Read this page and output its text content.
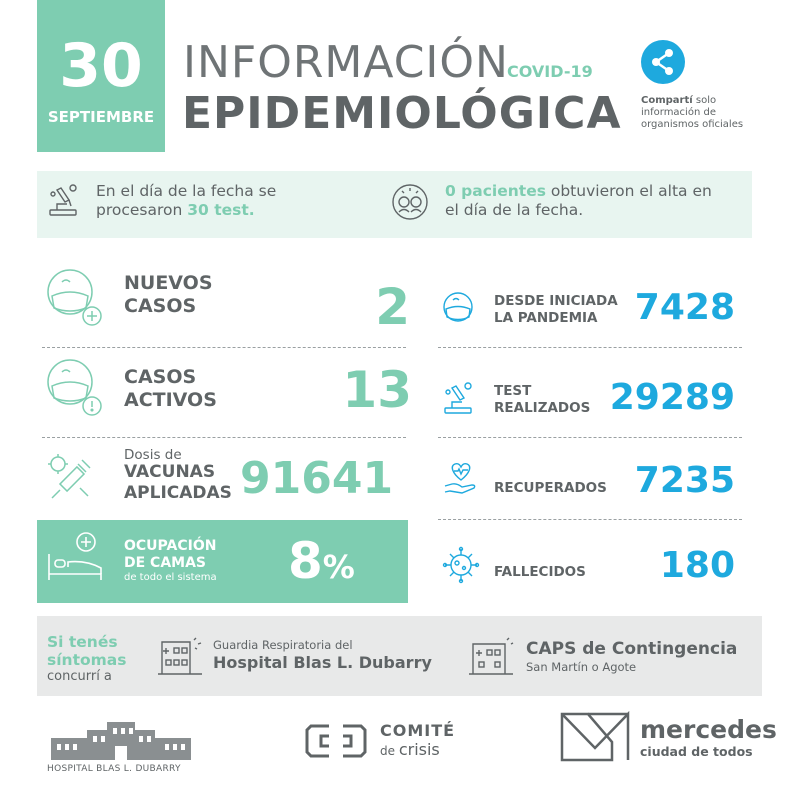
30
SEPTIEMBRE
INFORMACIÓN
COVID-19
EPIDEMIOLÓGICA Compartí solo
información de
organismos oficiales
En el día de la fecha se
procesaron 30 test.
0 pacientes obtuvieron el alta en
el día de la fecha.
NUEVOS
CASOS	2
CASOS
ACTIVOS	13
Dosis de
VACUNAS
APLICADAS 91641
OCUPACIÓN
DE CAMAS
de todo el sistema 8%
DESDE INICIADA
LA PANDEMIA	7428
TEST
REALIZADOS 29289
RECUPERADOS 7235
FALLECIDOS	180
Si tenés
síntomas
concurrí a
Guardia Respiratoria del
Hospital Blas L. Dubarry
CAPS de Contingencia
San Martín o Agote
HOSPITAL BLAS L. DUBARRY
COMITÉ
de crisis
mercedes
ciudad de todos
